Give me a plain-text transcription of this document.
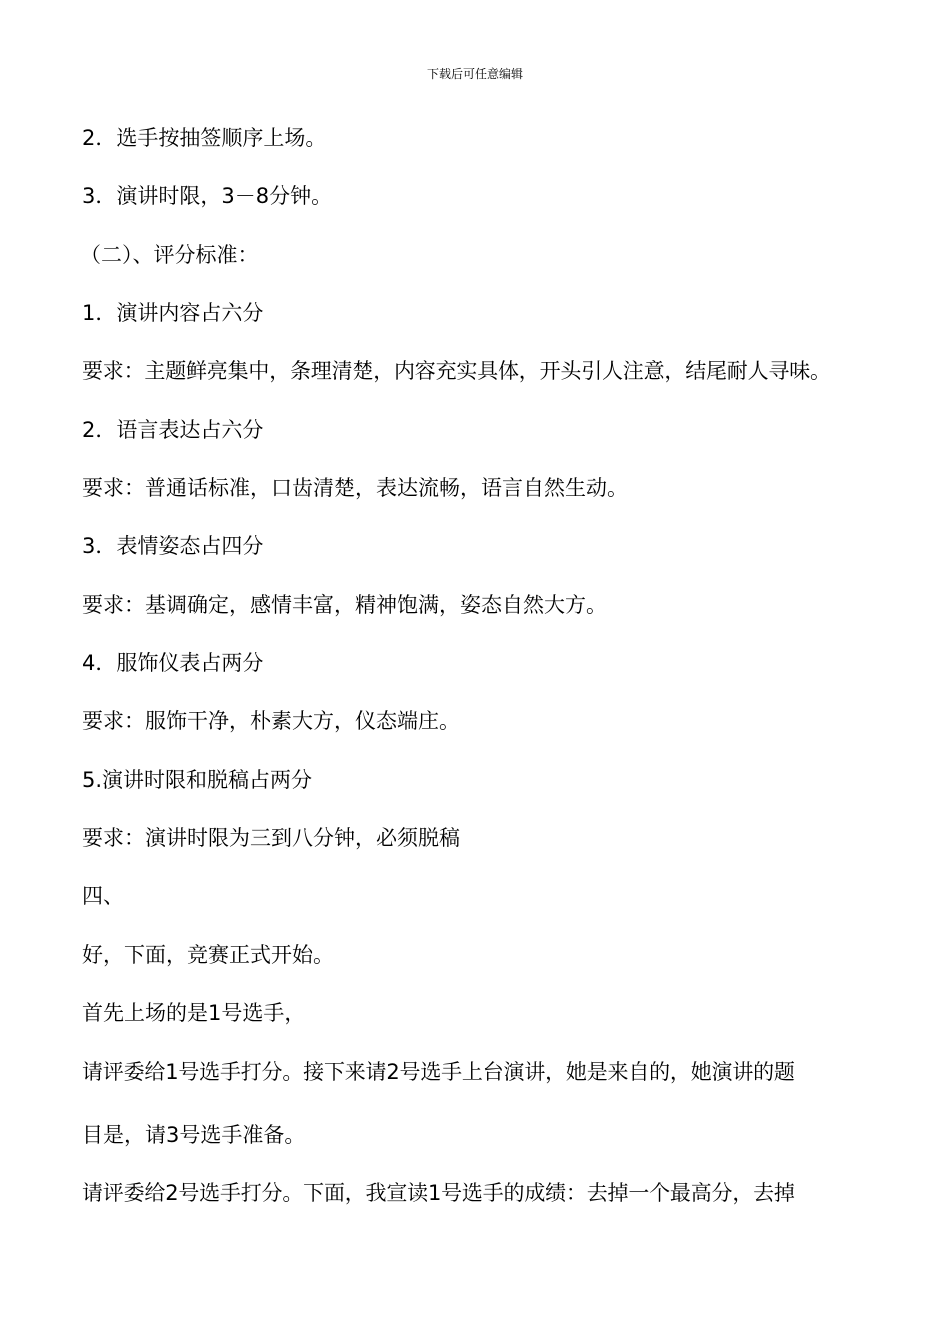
下载后可任意编辑
2．选手按抽签顺序上场。
3．演讲时限，3－8分钟。
（二）、评分标准：
1．演讲内容占六分
要求：主题鲜亮集中，条理清楚，内容充实具体，开头引人注意，结尾耐人寻味。
2．语言表达占六分
要求：普通话标准，口齿清楚，表达流畅，语言自然生动。
3．表情姿态占四分
要求：基调确定，感情丰富，精神饱满，姿态自然大方。
4．服饰仪表占两分
要求：服饰干净，朴素大方，仪态端庄。
5.演讲时限和脱稿占两分
要求：演讲时限为三到八分钟，必须脱稿
四、
好，下面，竞赛正式开始。
首先上场的是1号选手，
请评委给1号选手打分。接下来请2号选手上台演讲，她是来自的，她演讲的题
目是，请3号选手准备。
请评委给2号选手打分。下面，我宣读1号选手的成绩：去掉一个最高分，去掉
